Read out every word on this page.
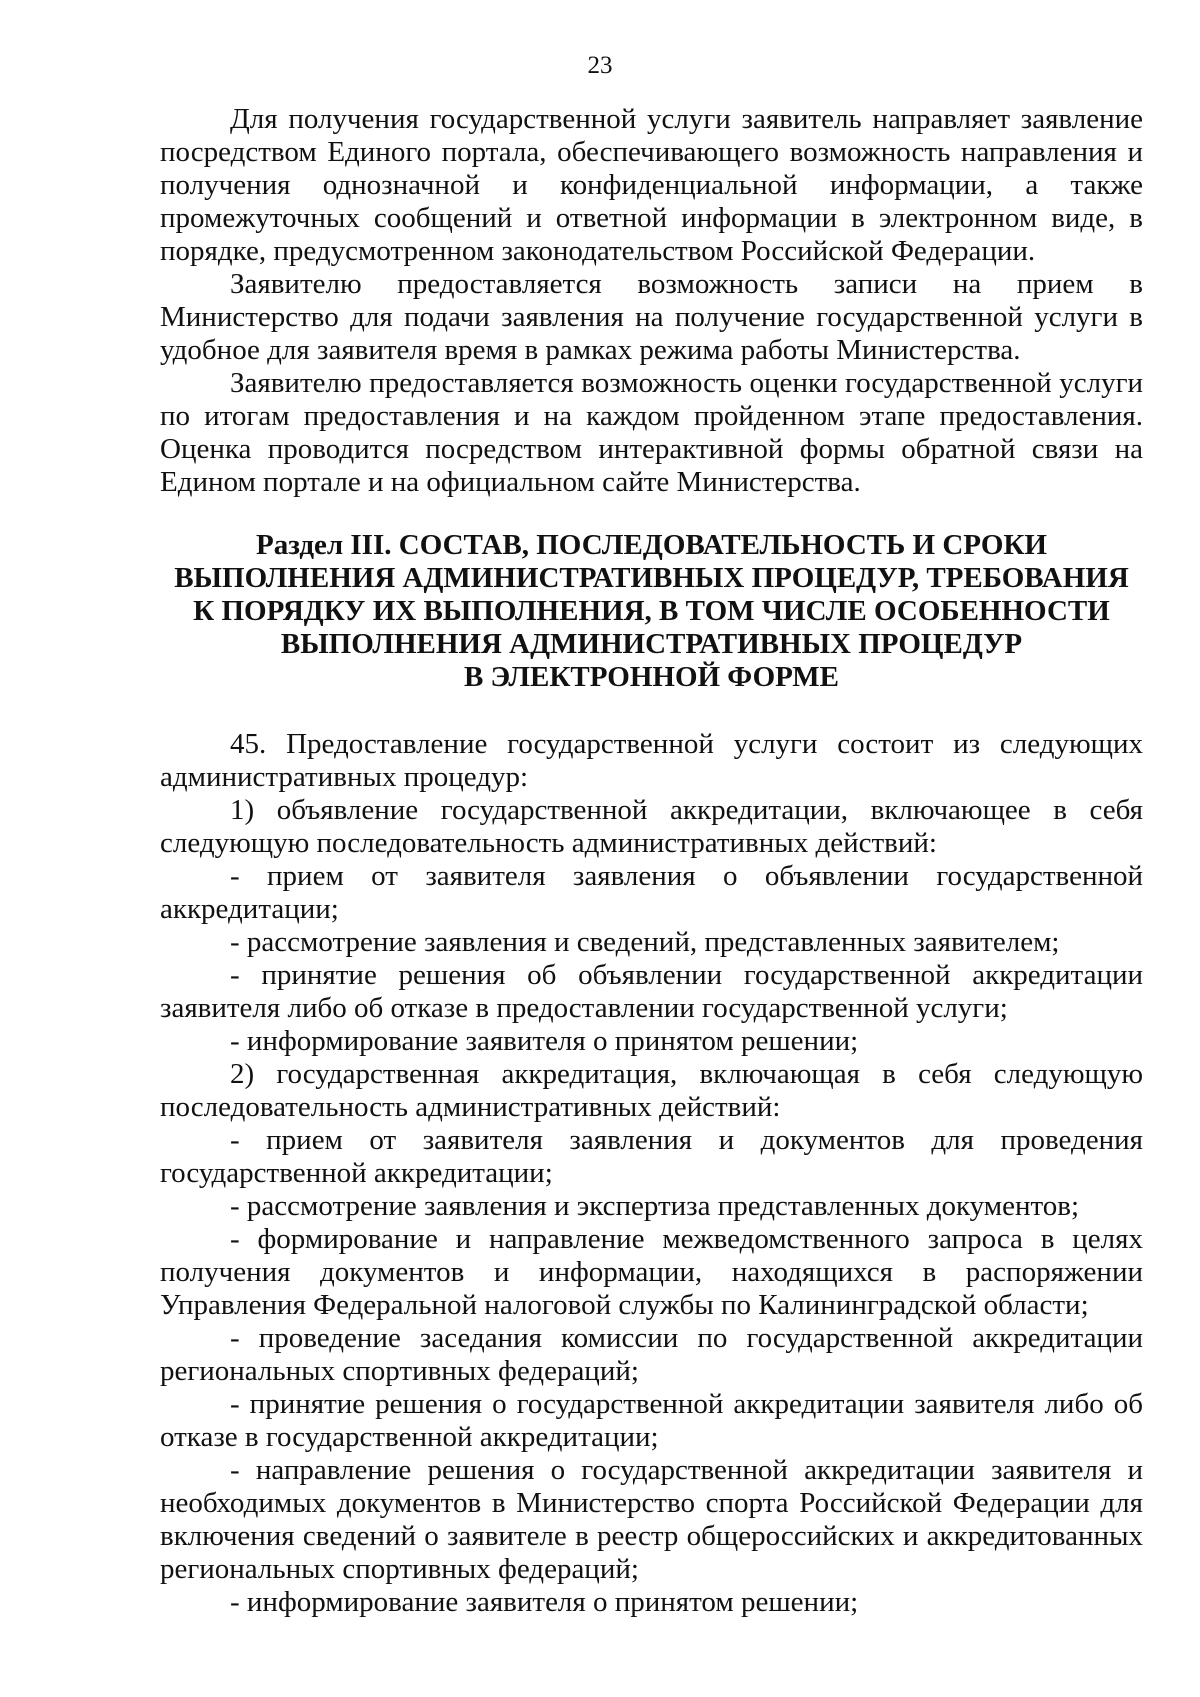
23

Для получения государственной услуги заявитель направляет заявление посредством Единого портала, обеспечивающего возможность направления и получения однозначной и конфиденциальной информации, а также промежуточных сообщений и ответной информации в электронном виде, в порядке, предусмотренном законодательством Российской Федерации.

Заявителю предоставляется возможность записи на прием в Министерство для подачи заявления на получение государственной услуги в удобное для заявителя время в рамках режима работы Министерства.

Заявителю предоставляется возможность оценки государственной услуги по итогам предоставления и на каждом пройденном этапе предоставления. Оценка проводится посредством интерактивной формы обратной связи на Едином портале и на официальном сайте Министерства.

Раздел III. СОСТАВ, ПОСЛЕДОВАТЕЛЬНОСТЬ И СРОКИ
ВЫПОЛНЕНИЯ АДМИНИСТРАТИВНЫХ ПРОЦЕДУР, ТРЕБОВАНИЯ
К ПОРЯДКУ ИХ ВЫПОЛНЕНИЯ, В ТОМ ЧИСЛЕ ОСОБЕННОСТИ
ВЫПОЛНЕНИЯ АДМИНИСТРАТИВНЫХ ПРОЦЕДУР
В ЭЛЕКТРОННОЙ ФОРМЕ

45. Предоставление государственной услуги состоит из следующих административных процедур:

1) объявление государственной аккредитации, включающее в себя следующую последовательность административных действий:

- прием от заявителя заявления о объявлении государственной аккредитации;

- рассмотрение заявления и сведений, представленных заявителем;

- принятие решения об объявлении государственной аккредитации заявителя либо об отказе в предоставлении государственной услуги;

- информирование заявителя о принятом решении;

2) государственная аккредитация, включающая в себя следующую последовательность административных действий:

- прием от заявителя заявления и документов для проведения государственной аккредитации;

- рассмотрение заявления и экспертиза представленных документов;

- формирование и направление межведомственного запроса в целях получения документов и информации, находящихся в распоряжении Управления Федеральной налоговой службы по Калининградской области;

- проведение заседания комиссии по государственной аккредитации региональных спортивных федераций;

- принятие решения о государственной аккредитации заявителя либо об отказе в государственной аккредитации;

- направление решения о государственной аккредитации заявителя и необходимых документов в Министерство спорта Российской Федерации для включения сведений о заявителе в реестр общероссийских и аккредитованных региональных спортивных федераций;

- информирование заявителя о принятом решении;
